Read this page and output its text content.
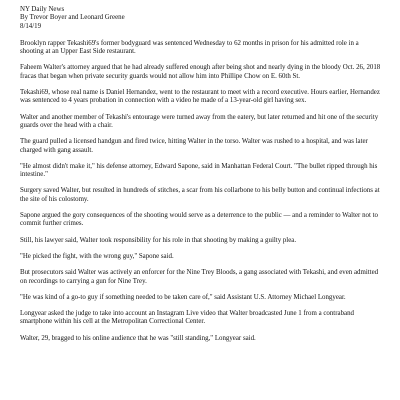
NY Daily News

By Trevor Boyer and Leonard Greene

8/14/19

Brooklyn rapper Tekashi69's former bodyguard was sentenced Wednesday to 62 months in prison for his admitted role in a shooting at an Upper East Side restaurant.

Faheem Walter's attorney argued that he had already suffered enough after being shot and nearly dying in the bloody Oct. 26, 2018 fracas that began when private security guards would not allow him into Phillipe Chow on E. 60th St.

Tekashi69, whose real name is Daniel Hernandez, went to the restaurant to meet with a record executive. Hours earlier, Hernandez was sentenced to 4 years probation in connection with a video he made of a 13-year-old girl having sex.

Walter and another member of Tekashi's entourage were turned away from the eatery, but later returned and hit one of the security guards over the head with a chair.

The guard pulled a licensed handgun and fired twice, hitting Walter in the torso. Walter was rushed to a hospital, and was later charged with gang assault.

"He almost didn't make it," his defense attorney, Edward Sapone, said in Manhattan Federal Court. "The bullet ripped through his intestine."

Surgery saved Walter, but resulted in hundreds of stitches, a scar from his collarbone to his belly button and continual infections at the site of his colostomy.

Sapone argued the gory consequences of the shooting would serve as a deterrence to the public — and a reminder to Walter not to commit further crimes.

Still, his lawyer said, Walter took responsibility for his role in that shooting by making a guilty plea.

"He picked the fight, with the wrong guy," Sapone said.

But prosecutors said Walter was actively an enforcer for the Nine Trey Bloods, a gang associated with Tekashi, and even admitted on recordings to carrying a gun for Nine Trey.

"He was kind of a go-to guy if something needed to be taken care of," said Assistant U.S. Attorney Michael Longyear.

Longyear asked the judge to take into account an Instagram Live video that Walter broadcasted June 1 from a contraband smartphone within his cell at the Metropolitan Correctional Center.

Walter, 29, bragged to his online audience that he was "still standing," Longyear said.
